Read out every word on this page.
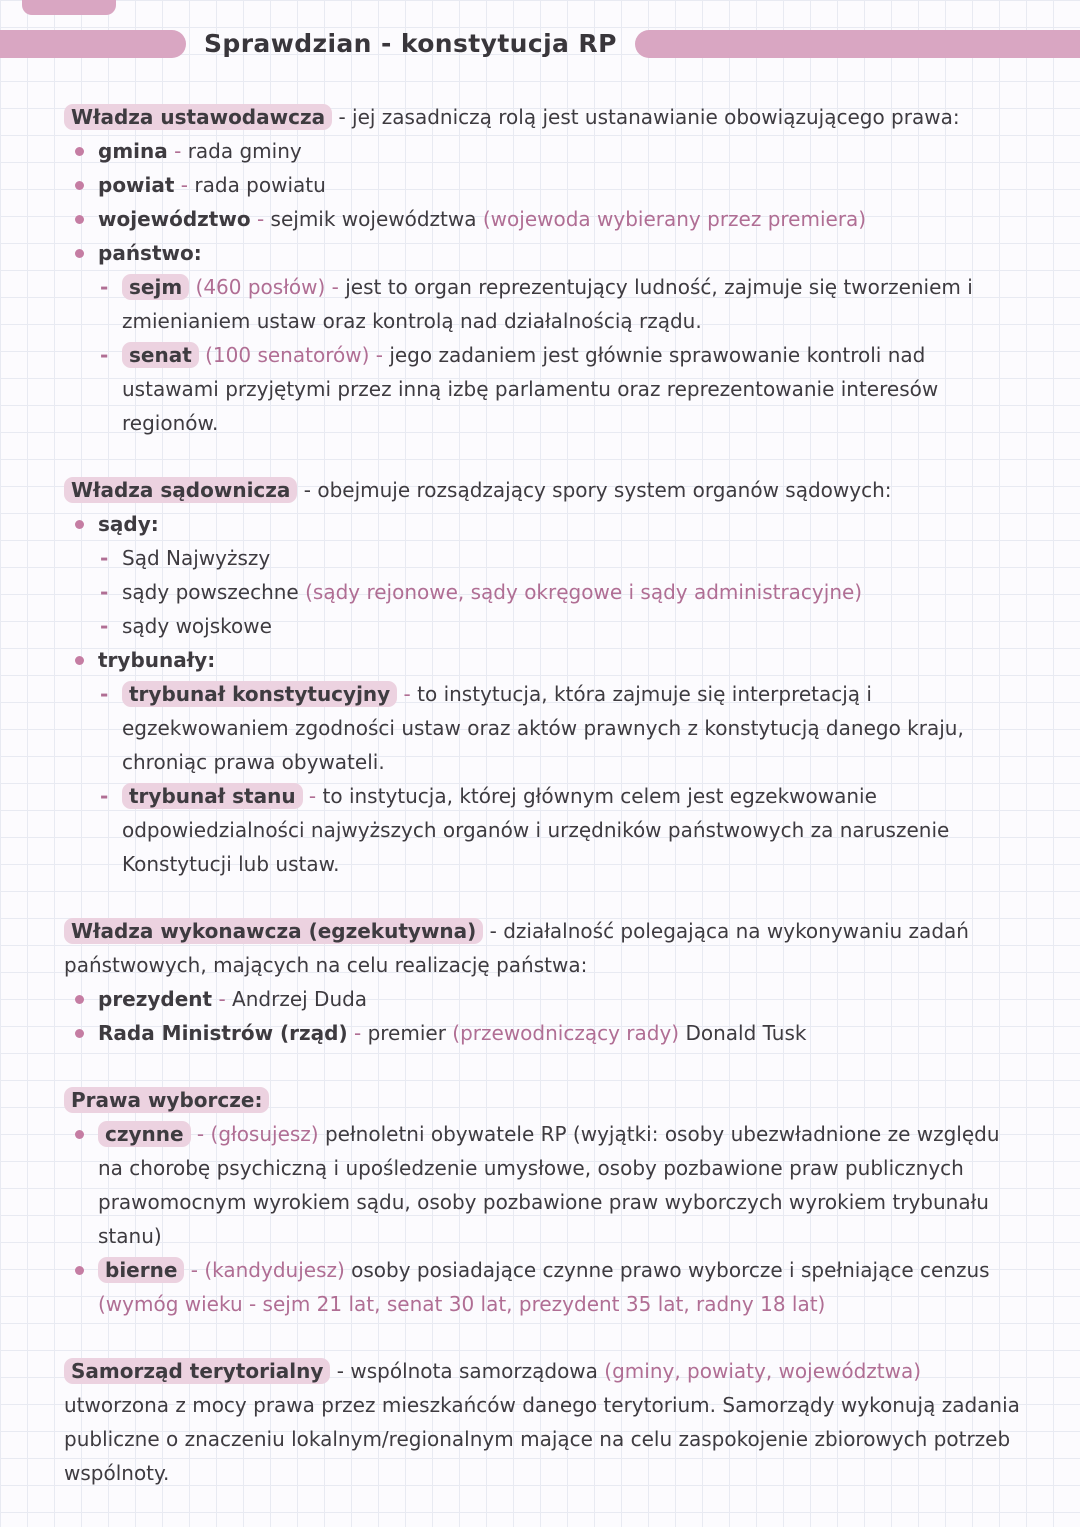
Sprawdzian - konstytucja RP

Władza ustawodawcza - jej zasadniczą rolą jest ustanawianie obowiązującego prawa:

gmina - rada gminy
powiat - rada powiatu
województwo - sejmik województwa (wojewoda wybierany przez premiera)
państwo:
-	sejm (460 posłów) - jest to organ reprezentujący ludność, zajmuje się tworzeniem i zmienianiem ustaw oraz kontrolą nad działalnością rządu.
-	senat (100 senatorów) - jego zadaniem jest głównie sprawowanie kontroli nad ustawami przyjętymi przez inną izbę parlamentu oraz reprezentowanie interesów regionów.

Władza sądownicza - obejmuje rozsądzający spory system organów sądowych:

sądy:
- Sąd Najwyższy
- sądy powszechne (sądy rejonowe, sądy okręgowe i sądy administracyjne)
- sądy wojskowe
trybunały:
-	trybunał konstytucyjny - to instytucja, która zajmuje się interpretacją i egzekwowaniem zgodności ustaw oraz aktów prawnych z konstytucją danego kraju, chroniąc prawa obywateli.
-	trybunał stanu - to instytucja, której głównym celem jest egzekwowanie odpowiedzialności najwyższych organów i urzędników państwowych za naruszenie Konstytucji lub ustaw.

Władza wykonawcza (egzekutywna) - działalność polegająca na wykonywaniu zadań państwowych, mających na celu realizację państwa:

prezydent - Andrzej Duda
Rada Ministrów (rząd) - premier (przewodniczący rady) Donald Tusk

Prawa wyborcze:

czynne - (głosujesz) pełnoletni obywatele RP (wyjątki: osoby ubezwładnione ze względu na chorobę psychiczną i upośledzenie umysłowe, osoby pozbawione praw publicznych prawomocnym wyrokiem sądu, osoby pozbawione praw wyborczych wyrokiem trybunału stanu)
bierne - (kandydujesz) osoby posiadające czynne prawo wyborcze i spełniające cenzus (wymóg wieku - sejm 21 lat, senat 30 lat, prezydent 35 lat, radny 18 lat)

Samorząd terytorialny - wspólnota samorządowa (gminy, powiaty, województwa) utworzona z mocy prawa przez mieszkańców danego terytorium. Samorządy wykonują zadania publiczne o znaczeniu lokalnym/regionalnym mające na celu zaspokojenie zbiorowych potrzeb wspólnoty.
